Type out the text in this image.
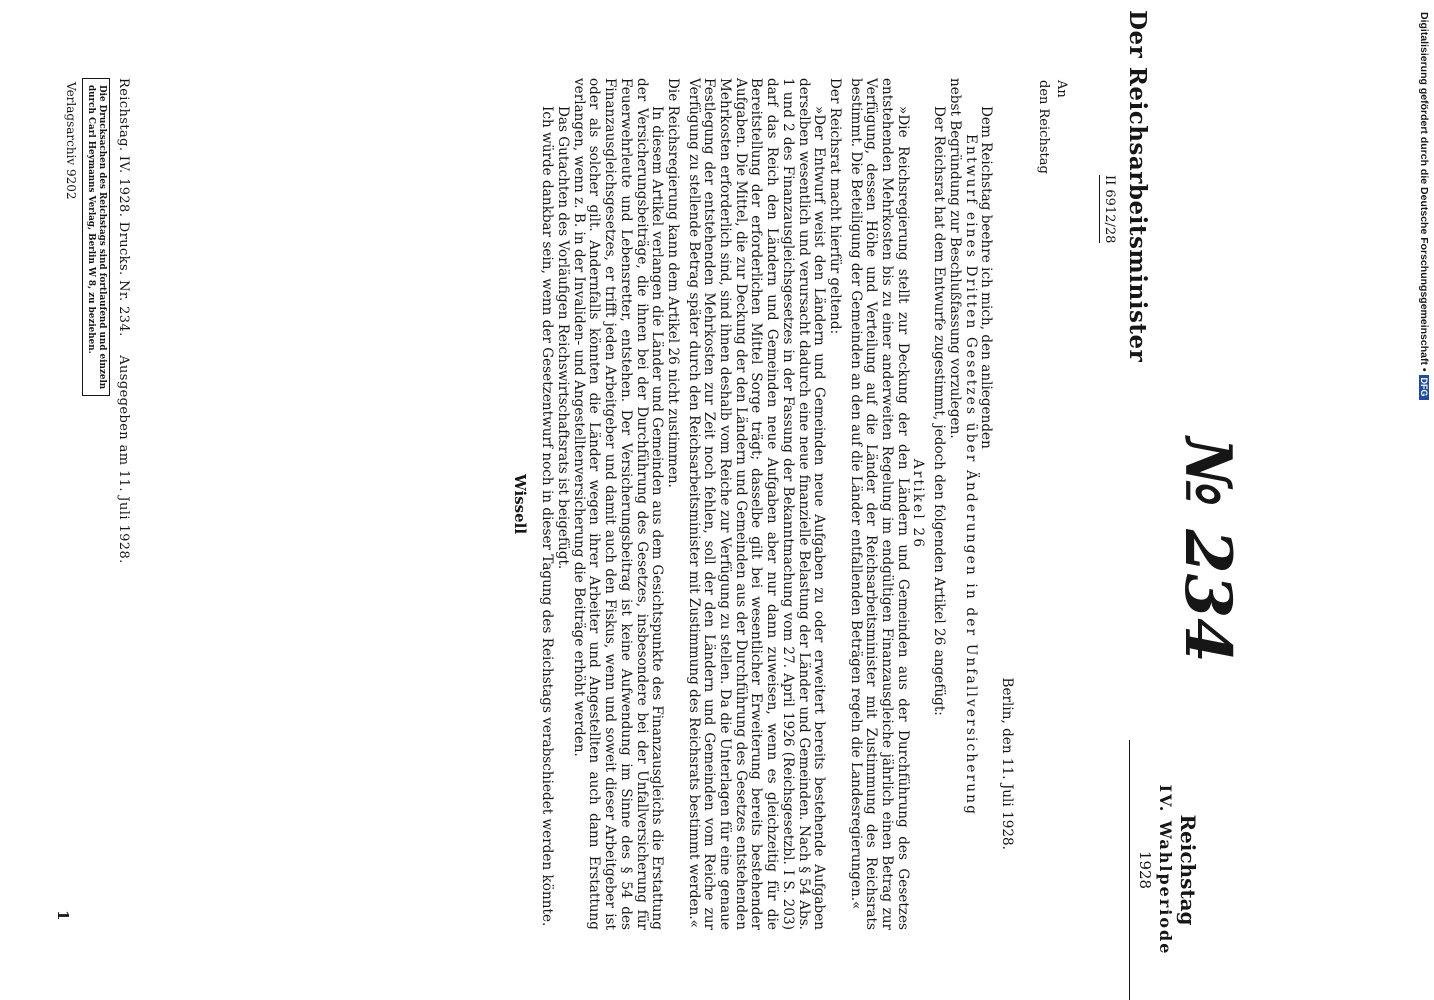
Der Reichsarbeitsminister
II 6912/28
№ 234
Reichstag
IV. Wahlperiode
1928
An
den Reichstag

Berlin, den 11. Juli 1928.

Dem Reichstag beehre ich mich, den anliegenden

Entwurf eines Dritten Gesetzes über Änderungen in der Unfallversicherung

nebst Begründung zur Beschlußfassung vorzulegen.

Der Reichsrat hat dem Entwurfe zugestimmt, jedoch den folgenden Artikel 26 angefügt:

Artikel 26

»Die Reichsregierung stellt zur Deckung der den Ländern und Gemeinden aus der Durchführung des Gesetzes entstehenden Mehrkosten bis zu einer anderweiten Regelung im endgültigen Finanzausgleiche jährlich einen Betrag zur Verfügung, dessen Höhe und Verteilung auf die Länder der Reichsarbeitsminister mit Zustimmung des Reichsrats bestimmt. Die Beteiligung der Gemeinden an den auf die Länder entfallenden Beträgen regeln die Landesregierungen.«

Der Reichsrat macht hierfür geltend:

»Der Entwurf weist den Ländern und Gemeinden neue Aufgaben zu oder erweitert bereits bestehende Aufgaben derselben wesentlich und verursacht dadurch eine neue finanzielle Belastung der Länder und Gemeinden. Nach § 54 Abs. 1 und 2 des Finanzausgleichsgesetzes in der Fassung der Bekanntmachung vom 27. April 1926 (Reichsgesetzbl. I S. 203) darf das Reich den Ländern und Gemeinden neue Aufgaben aber nur dann zuweisen, wenn es gleichzeitig für die Bereitstellung der erforderlichen Mittel Sorge trägt; dasselbe gilt bei wesentlicher Erweiterung bereits bestehender Aufgaben. Die Mittel, die zur Deckung der den Ländern und Gemeinden aus der Durchführung des Gesetzes entstehenden Mehrkosten erforderlich sind, sind ihnen deshalb vom Reiche zur Verfügung zu stellen. Da die Unterlagen für eine genaue Festlegung der entstehenden Mehrkosten zur Zeit noch fehlen, soll der den Ländern und Gemeinden vom Reiche zur Verfügung zu stellende Betrag später durch den Reichsarbeitsminister mit Zustimmung des Reichsrats bestimmt werden.«

Die Reichsregierung kann dem Artikel 26 nicht zustimmen.

In diesem Artikel verlangen die Länder und Gemeinden aus dem Gesichtspunkte des Finanzausgleichs die Erstattung der Versicherungsbeiträge, die ihnen bei der Durchführung des Gesetzes, insbesondere bei der Unfallversicherung für Feuerwehrleute und Lebensretter, entstehen. Der Versicherungsbeitrag ist keine Aufwendung im Sinne des § 54 des Finanzausgleichsgesetzes, er trifft jeden Arbeitgeber und damit auch den Fiskus, wenn und soweit dieser Arbeitgeber ist oder als solcher gilt. Andernfalls könnten die Länder wegen ihrer Arbeiter und Angestellten auch dann Erstattung verlangen, wenn z. B. in der Invaliden- und Angestelltenversicherung die Beiträge erhöht werden.

Das Gutachten des Vorläufigen Reichswirtschaftsrats ist beigefügt.

Ich würde dankbar sein, wenn der Gesetzentwurf noch in dieser Tagung des Reichstags verabschiedet werden könnte.

Wissell

Reichstag. IV. 1928. Drucks. Nr. 234. Ausgegeben am 11. Juli 1928.
Die Drucksachen des Reichstags sind fortlaufend und einzeln
durch Carl Heymanns Verlag, Berlin W 8, zu beziehen.
Verlagsarchiv 9202
1
Digitalisierung gefördert durch die Deutsche Forschungsgemeinschaft • DFG
